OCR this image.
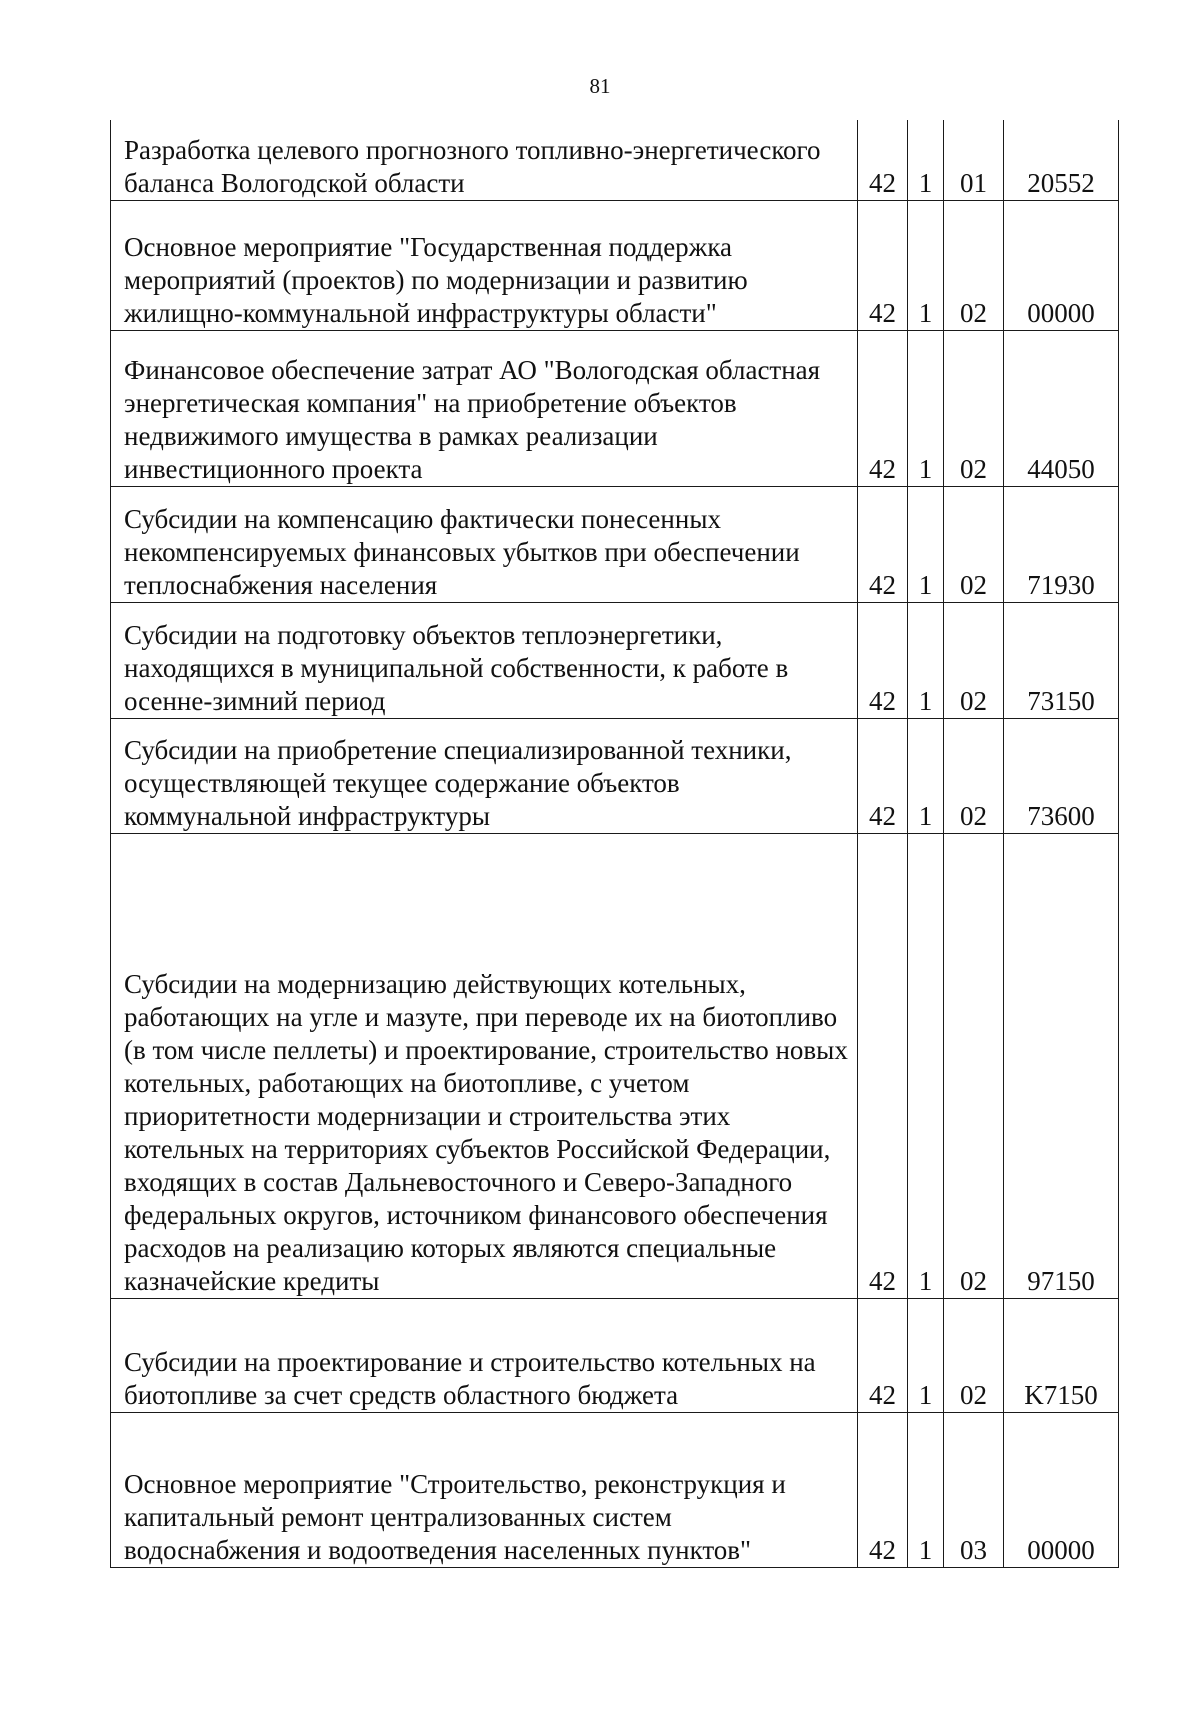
81
Разработка целевого прогнозного топливно-энергетического баланса Вологодской области	42	1	01	20552
Основное мероприятие "Государственная поддержка мероприятий (проектов) по модернизации и развитию жилищно-коммунальной инфраструктуры области"	42	1	02	00000
Финансовое обеспечение затрат АО "Вологодская областная энергетическая компания" на приобретение объектов недвижимого имущества в рамках реализации инвестиционного проекта	42	1	02	44050
Субсидии на компенсацию фактически понесенных некомпенсируемых финансовых убытков при обеспечении теплоснабжения населения	42	1	02	71930
Субсидии на подготовку объектов теплоэнергетики, находящихся в муниципальной собственности, к работе в осенне-зимний период	42	1	02	73150
Субсидии на приобретение специализированной техники, осуществляющей текущее содержание объектов коммунальной инфраструктуры	42	1	02	73600
Субсидии на модернизацию действующих котельных, работающих на угле и мазуте, при переводе их на биотопливо (в том числе пеллеты) и проектирование, строительство новых котельных, работающих на биотопливе, с учетом приоритетности модернизации и строительства этих котельных на территориях субъектов Российской Федерации, входящих в состав Дальневосточного и Северо-Западного федеральных округов, источником финансового обеспечения расходов на реализацию которых являются специальные казначейские кредиты	42	1	02	97150
Субсидии на проектирование и строительство котельных на биотопливе за счет средств областного бюджета	42	1	02	K7150
Основное мероприятие "Строительство, реконструкция и капитальный ремонт централизованных систем водоснабжения и водоотведения населенных пунктов"	42	1	03	00000
